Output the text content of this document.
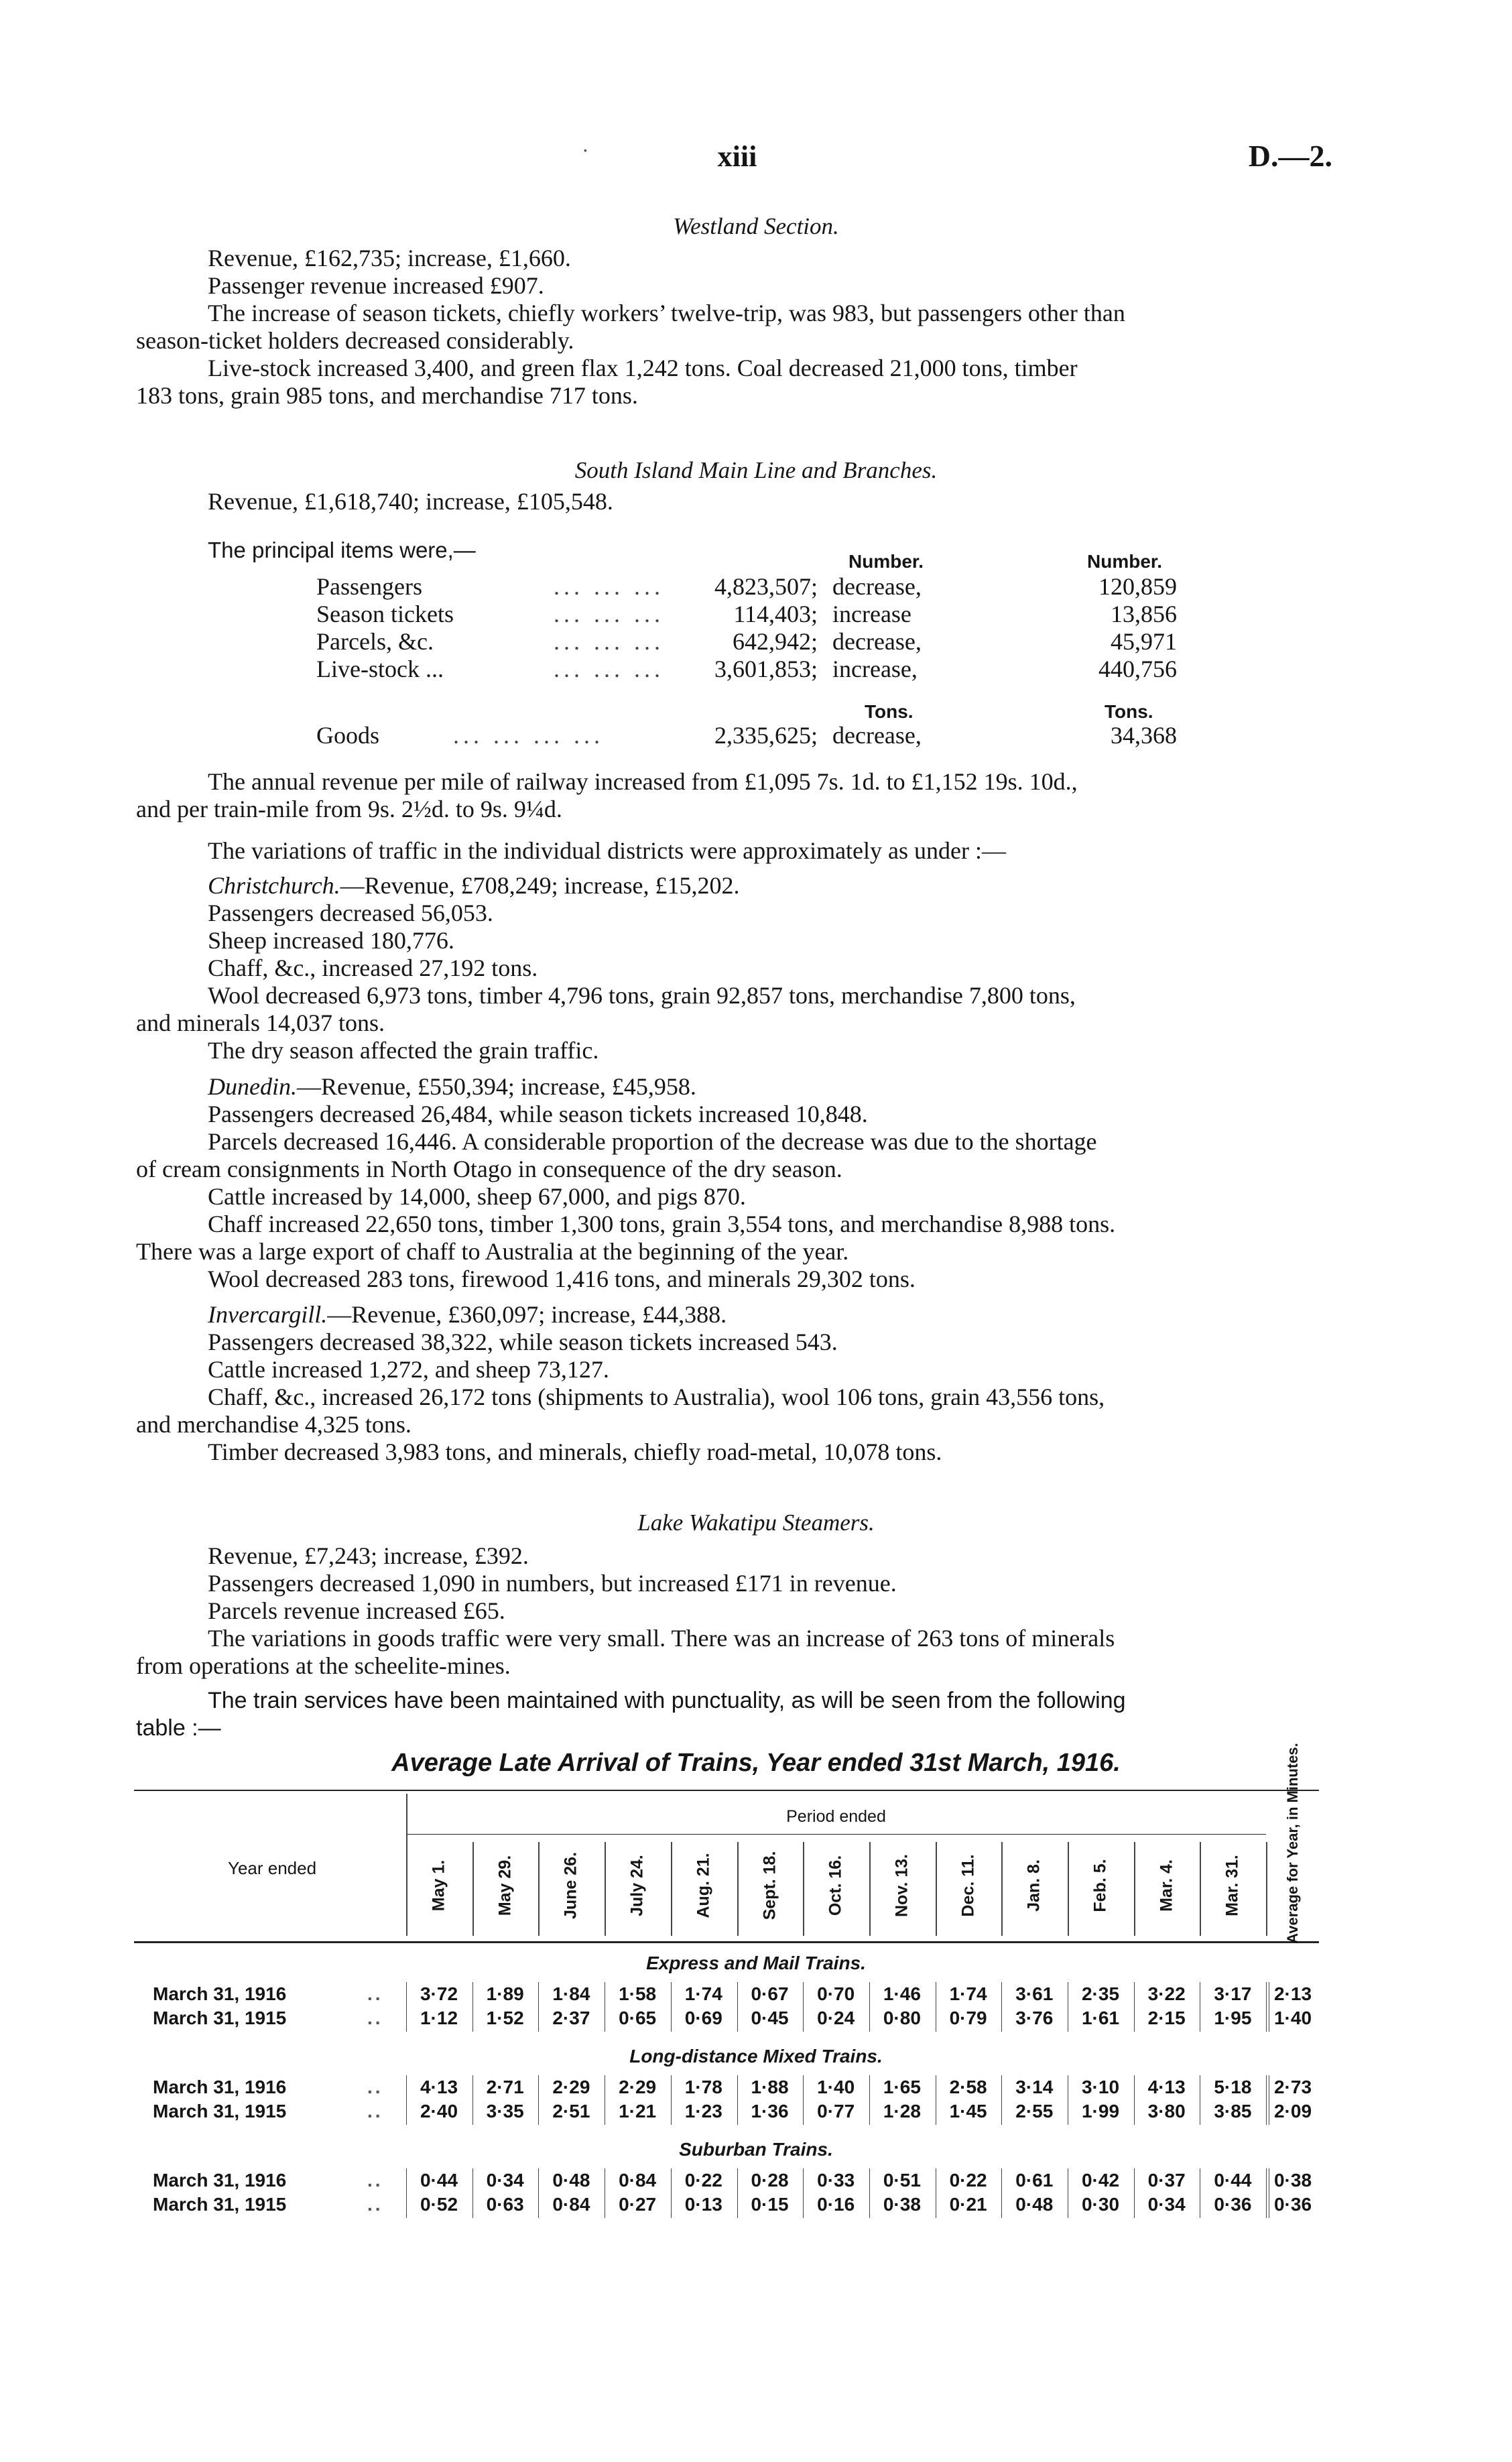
·	xiii	D.—2.
Westland Section.
Revenue, £162,735; increase, £1,660.
Passenger revenue increased £907.
The increase of season tickets, chiefly workers’ twelve-trip, was 983, but passengers other than
season-ticket holders decreased considerably.
Live-stock increased 3,400, and green flax 1,242 tons. Coal decreased 21,000 tons, timber
183 tons, grain 985 tons, and merchandise 717 tons.
South Island Main Line and Branches.
Revenue, £1,618,740; increase, £105,548.
The principal items were,—	Number.	Number.
Passengers	... ... ... 4,823,507; decrease,	120,859
Season tickets	... ... ...	114,403; increase	13,856
Parcels, &c.	... ... ...	642,942; decrease,	45,971
Live-stock ...	... ... ... 3,601,853; increase,	440,756
Tons.	Tons.
Goods	... ... ... ...	2,335,625; decrease,	34,368
The annual revenue per mile of railway increased from £1,095 7s. 1d. to £1,152 19s. 10d.,
and per train-mile from 9s. 2½d. to 9s. 9¼d.
The variations of traffic in the individual districts were approximately as under :—
Christchurch.—Revenue, £708,249; increase, £15,202.
Passengers decreased 56,053.
Sheep increased 180,776.
Chaff, &c., increased 27,192 tons.
Wool decreased 6,973 tons, timber 4,796 tons, grain 92,857 tons, merchandise 7,800 tons,
and minerals 14,037 tons.
The dry season affected the grain traffic.
Dunedin.—Revenue, £550,394; increase, £45,958.
Passengers decreased 26,484, while season tickets increased 10,848.
Parcels decreased 16,446. A considerable proportion of the decrease was due to the shortage
of cream consignments in North Otago in consequence of the dry season.
Cattle increased by 14,000, sheep 67,000, and pigs 870.
Chaff increased 22,650 tons, timber 1,300 tons, grain 3,554 tons, and merchandise 8,988 tons.
There was a large export of chaff to Australia at the beginning of the year.
Wool decreased 283 tons, firewood 1,416 tons, and minerals 29,302 tons.
Invercargill.—Revenue, £360,097; increase, £44,388.
Passengers decreased 38,322, while season tickets increased 543.
Cattle increased 1,272, and sheep 73,127.
Chaff, &c., increased 26,172 tons (shipments to Australia), wool 106 tons, grain 43,556 tons,
and merchandise 4,325 tons.
Timber decreased 3,983 tons, and minerals, chiefly road-metal, 10,078 tons.
Lake Wakatipu Steamers.
Revenue, £7,243; increase, £392.
Passengers decreased 1,090 in numbers, but increased £171 in revenue.
Parcels revenue increased £65.
The variations in goods traffic were very small. There was an increase of 263 tons of minerals
from operations at the scheelite-mines.
The train services have been maintained with punctuality, as will be seen from the following
table :—
Average Late Arrival of Trains, Year ended 31st March, 1916.
Year ended
Period ended
May 1.	May 29.	June 26.	July 24.	Aug. 21.	Sept. 18.	Oct. 16.	Nov. 13.	Dec. 11.	Jan. 8.	Feb. 5.	Mar. 4.	Mar. 31.	Average for Year, in Minutes.
Express and Mail Trains.
March 31, 1916	..	3·72	1·89	1·84	1·58	1·74	0·67	0·70	1·46	1·74	3·61	2·35	3·22	3·17	2·13
March 31, 1915	..	1·12	1·52	2·37	0·65	0·69	0·45	0·24	0·80	0·79	3·76	1·61	2·15	1·95	1·40
Long-distance Mixed Trains.
March 31, 1916	..	4·13	2·71	2·29	2·29	1·78	1·88	1·40	1·65	2·58	3·14	3·10	4·13	5·18	2·73
March 31, 1915	..	2·40	3·35	2·51	1·21	1·23	1·36	0·77	1·28	1·45	2·55	1·99	3·80	3·85	2·09
Suburban Trains.
March 31, 1916	..	0·44	0·34	0·48	0·84	0·22	0·28	0·33	0·51	0·22	0·61	0·42	0·37	0·44	0·38
March 31, 1915	..	0·52	0·63	0·84	0·27	0·13	0·15	0·16	0·38	0·21	0·48	0·30	0·34	0·36	0·36
